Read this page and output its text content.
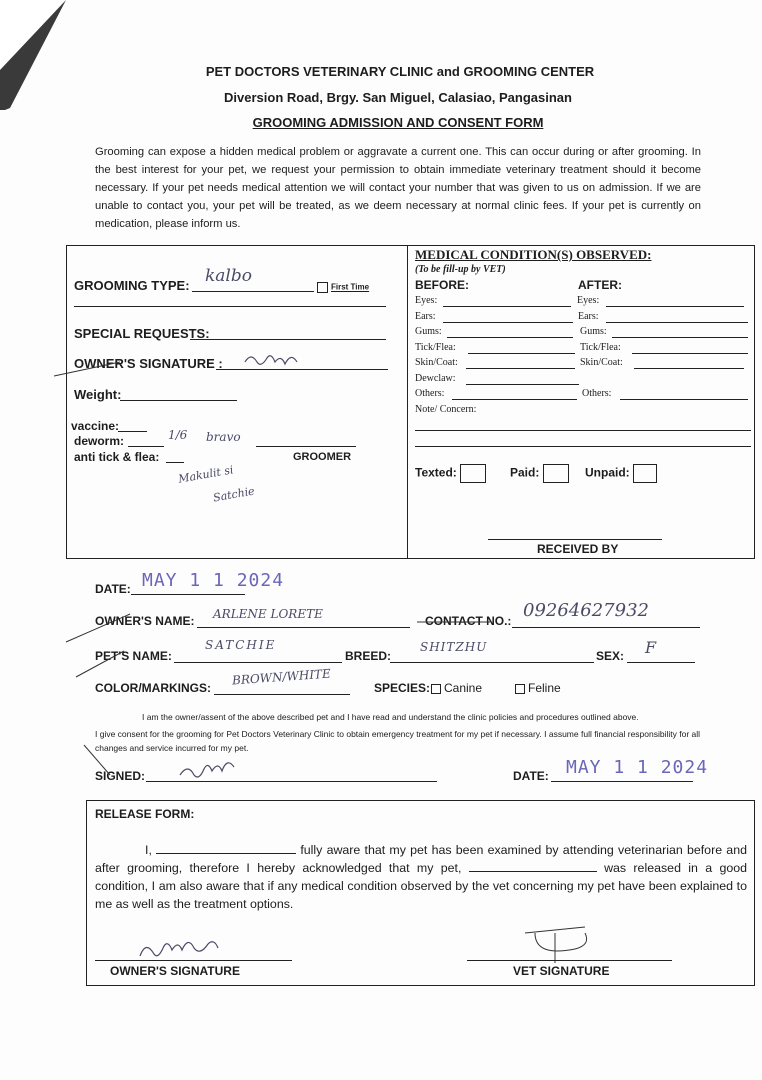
PET DOCTORS VETERINARY CLINIC and GROOMING CENTER
Diversion Road, Brgy. San Miguel, Calasiao, Pangasinan
GROOMING ADMISSION AND CONSENT FORM
Grooming can expose a hidden medical problem or aggravate a current one. This can occur during or after grooming. In the best interest for your pet, we request your permission to obtain immediate veterinary treatment should it become necessary. If your pet needs medical attention we will contact your number that was given to us on admission. If we are unable to contact you, your pet will be treated, as we deem necessary at normal clinic fees. If your pet is currently on medication, please inform us.
GROOMING TYPE: kalbo
First Time
SPECIAL REQUESTS:
OWNER'S SIGNATURE :
Weight:
vaccine:
deworm:	1/6 bravo
anti tick & flea:	GROOMER
Makulit si
Satchie
MEDICAL CONDITION(S) OBSERVED:
(To be fill-up by VET)
BEFORE:	AFTER:
Eyes:	Eyes:
Ears:	Ears:
Gums:	Gums:
Tick/Flea:	Tick/Flea:
Skin/Coat:	Skin/Coat:
Dewclaw:
Others:	Others:
Note/ Concern:
Texted:	Paid:	Unpaid:
RECEIVED BY
DATE: MAY 1 1 2024
OWNER'S NAME: ARLENE LORETE	CONTACT NO.: 09264627932
PET'S NAME:
SATCHIE
BREED:
SHITZHU
SEX: F
COLOR/MARKINGS:
BROWN/WHITE
SPECIES:	Canine	Feline
I am the owner/assent of the above described pet and I have read and understand the clinic policies and procedures outlined above.
I give consent for the grooming for Pet Doctors Veterinary Clinic to obtain emergency treatment for my pet if necessary. I assume full financial responsibility for all changes and service incurred for my pet.
SIGNED:	DATE: MAY 1 1 2024
RELEASE FORM:
I,	fully aware that my pet has been examined by attending veterinarian before and after grooming, therefore I hereby acknowledged that my pet,	was released in a good condition, I am also aware that if any medical condition observed by the vet concerning my pet have been explained to me as well as the treatment options.
OWNER'S SIGNATURE	VET SIGNATURE
